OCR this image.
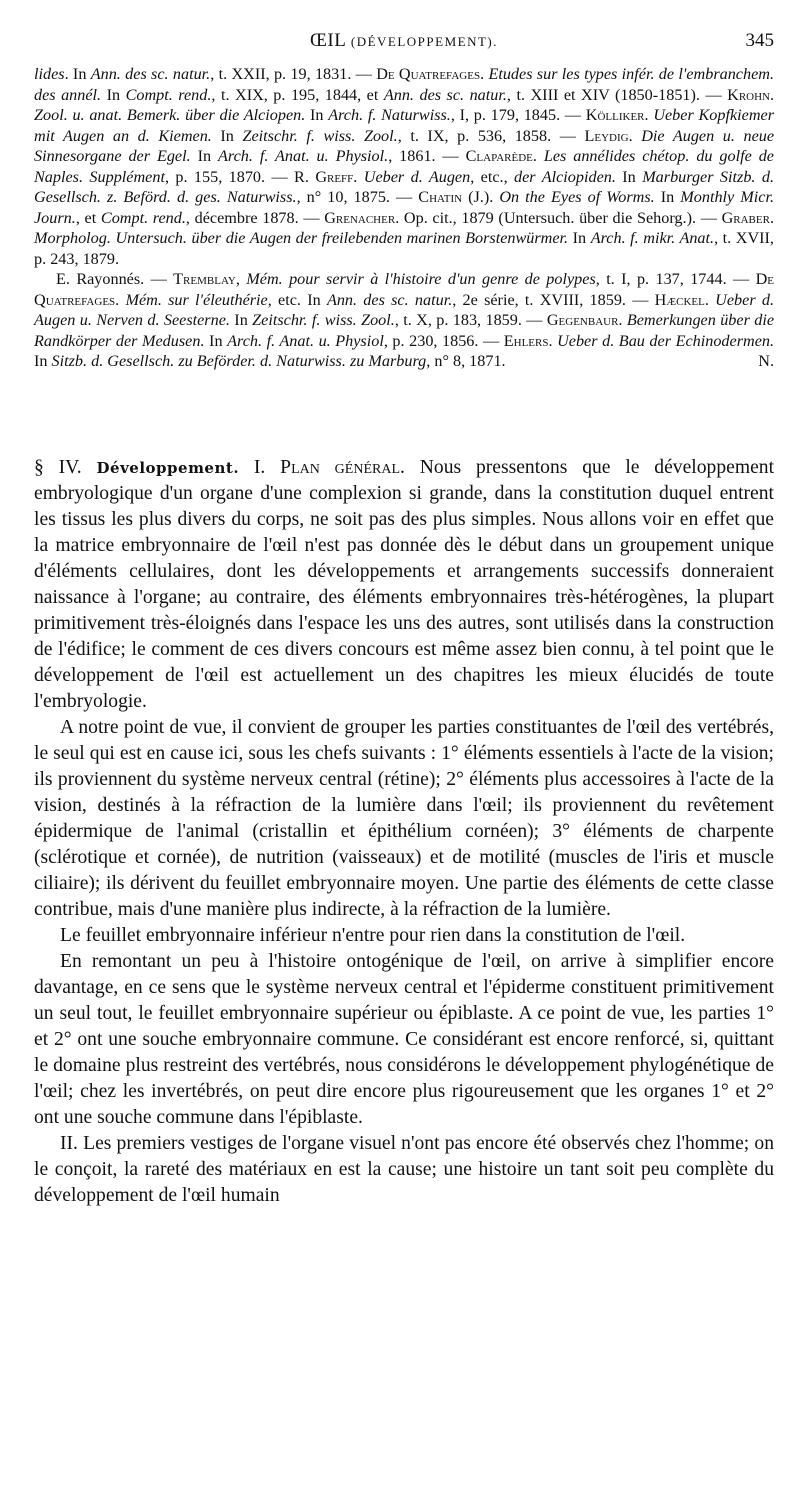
ŒIL (DÉVELOPPEMENT).	345

lides. In Ann. des sc. natur., t. XXII, p. 19, 1831. — De Quatrefages. Etudes sur les types infér. de l'embranchem. des annél. In Compt. rend., t. XIX, p. 195, 1844, et Ann. des sc. natur., t. XIII et XIV (1850-1851). — Krohn. Zool. u. anat. Bemerk. über die Alciopen. In Arch. f. Naturwiss., I, p. 179, 1845. — Kölliker. Ueber Kopfkiemer mit Augen an d. Kiemen. In Zeitschr. f. wiss. Zool., t. IX, p. 536, 1858. — Leydig. Die Augen u. neue Sinnesorgane der Egel. In Arch. f. Anat. u. Physiol., 1861. — Claparède. Les annélides chétop. du golfe de Naples. Supplément, p. 155, 1870. — R. Greff. Ueber d. Augen, etc., der Alciopiden. In Marburger Sitzb. d. Gesellsch. z. Beförd. d. ges. Naturwiss., n° 10, 1875. — Chatin (J.). On the Eyes of Worms. In Monthly Micr. Journ., et Compt. rend., décembre 1878. — Grenacher. Op. cit., 1879 (Untersuch. über die Sehorg.). — Graber. Morpholog. Untersuch. über die Augen der freilebenden marinen Borstenwürmer. In Arch. f. mikr. Anat., t. XVII, p. 243, 1879.

E. Rayonnés. — Tremblay, Mém. pour servir à l'histoire d'un genre de polypes, t. I, p. 137, 1744. — De Quatrefages. Mém. sur l'éleuthérie, etc. In Ann. des sc. natur., 2e série, t. XVIII, 1859. — Hæckel. Ueber d. Augen u. Nerven d. Seesterne. In Zeitschr. f. wiss. Zool., t. X, p. 183, 1859. — Gegenbaur. Bemerkungen über die Randkörper der Medusen. In Arch. f. Anat. u. Physiol, p. 230, 1856. — Ehlers. Ueber d. Bau der Echinodermen. In Sitzb. d. Gesellsch. zu Beförder. d. Naturwiss. zu Marburg, n° 8, 1871.	N.

§ IV. Développement. I. Plan général. Nous pressentons que le développement embryologique d'un organe d'une complexion si grande, dans la constitution duquel entrent les tissus les plus divers du corps, ne soit pas des plus simples. Nous allons voir en effet que la matrice embryonnaire de l'œil n'est pas donnée dès le début dans un groupement unique d'éléments cellulaires, dont les développements et arrangements successifs donneraient naissance à l'organe; au contraire, des éléments embryonnaires très-hétérogènes, la plupart primitivement très-éloignés dans l'espace les uns des autres, sont utilisés dans la construction de l'édifice; le comment de ces divers concours est même assez bien connu, à tel point que le développement de l'œil est actuellement un des chapitres les mieux élucidés de toute l'embryologie.

A notre point de vue, il convient de grouper les parties constituantes de l'œil des vertébrés, le seul qui est en cause ici, sous les chefs suivants : 1° éléments essentiels à l'acte de la vision; ils proviennent du système nerveux central (rétine); 2° éléments plus accessoires à l'acte de la vision, destinés à la réfraction de la lumière dans l'œil; ils proviennent du revêtement épidermique de l'animal (cristallin et épithélium cornéen); 3° éléments de charpente (sclérotique et cornée), de nutrition (vaisseaux) et de motilité (muscles de l'iris et muscle ciliaire); ils dérivent du feuillet embryonnaire moyen. Une partie des éléments de cette classe contribue, mais d'une manière plus indirecte, à la réfraction de la lumière.

Le feuillet embryonnaire inférieur n'entre pour rien dans la constitution de l'œil.

En remontant un peu à l'histoire ontogénique de l'œil, on arrive à simplifier encore davantage, en ce sens que le système nerveux central et l'épiderme constituent primitivement un seul tout, le feuillet embryonnaire supérieur ou épiblaste. A ce point de vue, les parties 1° et 2° ont une souche embryonnaire commune. Ce considérant est encore renforcé, si, quittant le domaine plus restreint des vertébrés, nous considérons le développement phylogénétique de l'œil; chez les invertébrés, on peut dire encore plus rigoureusement que les organes 1° et 2° ont une souche commune dans l'épiblaste.

II. Les premiers vestiges de l'organe visuel n'ont pas encore été observés chez l'homme; on le conçoit, la rareté des matériaux en est la cause; une histoire un tant soit peu complète du développement de l'œil humain
